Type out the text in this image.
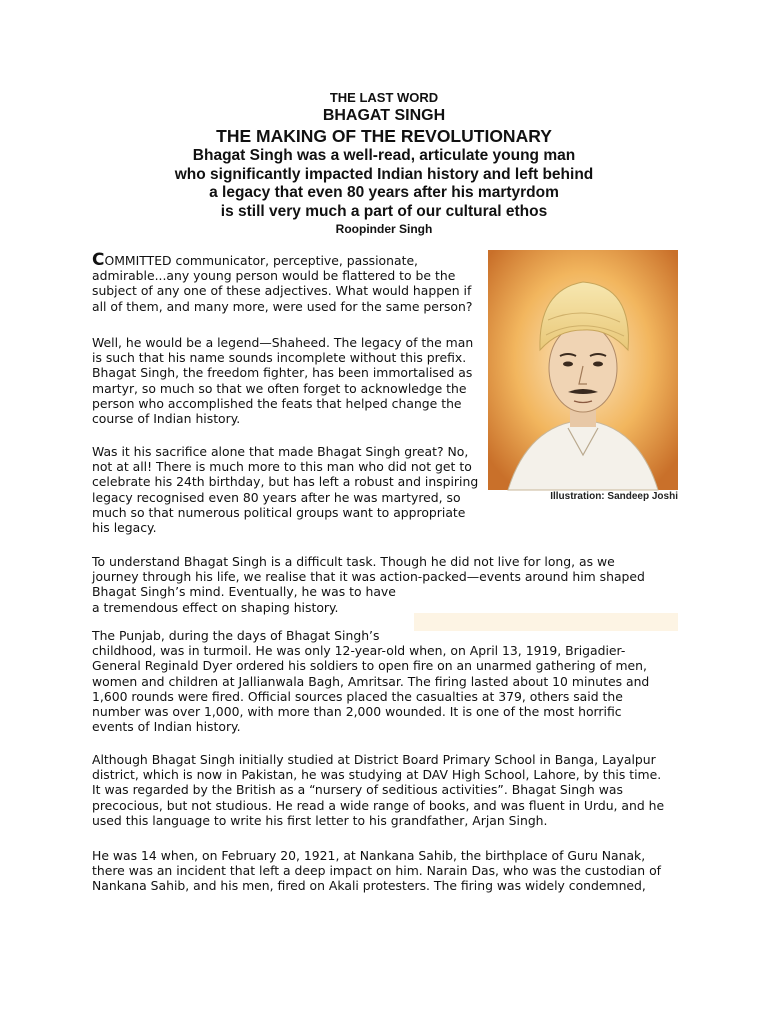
THE LAST WORD

BHAGAT SINGH

THE MAKING OF THE REVOLUTIONARY

Bhagat Singh was a well-read, articulate young man

who significantly impacted Indian history and left behind

a legacy that even 80 years after his martyrdom

is still very much a part of our cultural ethos

Roopinder Singh

COMMITTED communicator, perceptive, passionate,
admirable...any young person would be flattered to be the
subject of any one of these adjectives. What would happen if
all of them, and many more, were used for the same person?
Well, he would be a legend—Shaheed. The legacy of the man
is such that his name sounds incomplete without this prefix.
Bhagat Singh, the freedom fighter, has been immortalised as
martyr, so much so that we often forget to acknowledge the
person who accomplished the feats that helped change the
course of Indian history.
Was it his sacrifice alone that made Bhagat Singh great? No,
not at all! There is much more to this man who did not get to
celebrate his 24th birthday, but has left a robust and inspiring
legacy recognised even 80 years after he was martyred, so
much so that numerous political groups want to appropriate
his legacy.
Illustration: Sandeep Joshi
To understand Bhagat Singh is a difficult task. Though he did not live for long, as we
journey through his life, we realise that it was action-packed—events around him shaped
Bhagat Singh’s mind. Eventually, he was to have
a tremendous effect on shaping history.
The Punjab, during the days of Bhagat Singh’s
childhood, was in turmoil. He was only 12-year-old when, on April 13, 1919, Brigadier-
General Reginald Dyer ordered his soldiers to open fire on an unarmed gathering of men,
women and children at Jallianwala Bagh, Amritsar. The firing lasted about 10 minutes and
1,600 rounds were fired. Official sources placed the casualties at 379, others said the
number was over 1,000, with more than 2,000 wounded. It is one of the most horrific
events of Indian history.
Although Bhagat Singh initially studied at District Board Primary School in Banga, Layalpur
district, which is now in Pakistan, he was studying at DAV High School, Lahore, by this time.
It was regarded by the British as a “nursery of seditious activities”. Bhagat Singh was
precocious, but not studious. He read a wide range of books, and was fluent in Urdu, and he
used this language to write his first letter to his grandfather, Arjan Singh.
He was 14 when, on February 20, 1921, at Nankana Sahib, the birthplace of Guru Nanak,
there was an incident that left a deep impact on him. Narain Das, who was the custodian of
Nankana Sahib, and his men, fired on Akali protesters. The firing was widely condemned,
